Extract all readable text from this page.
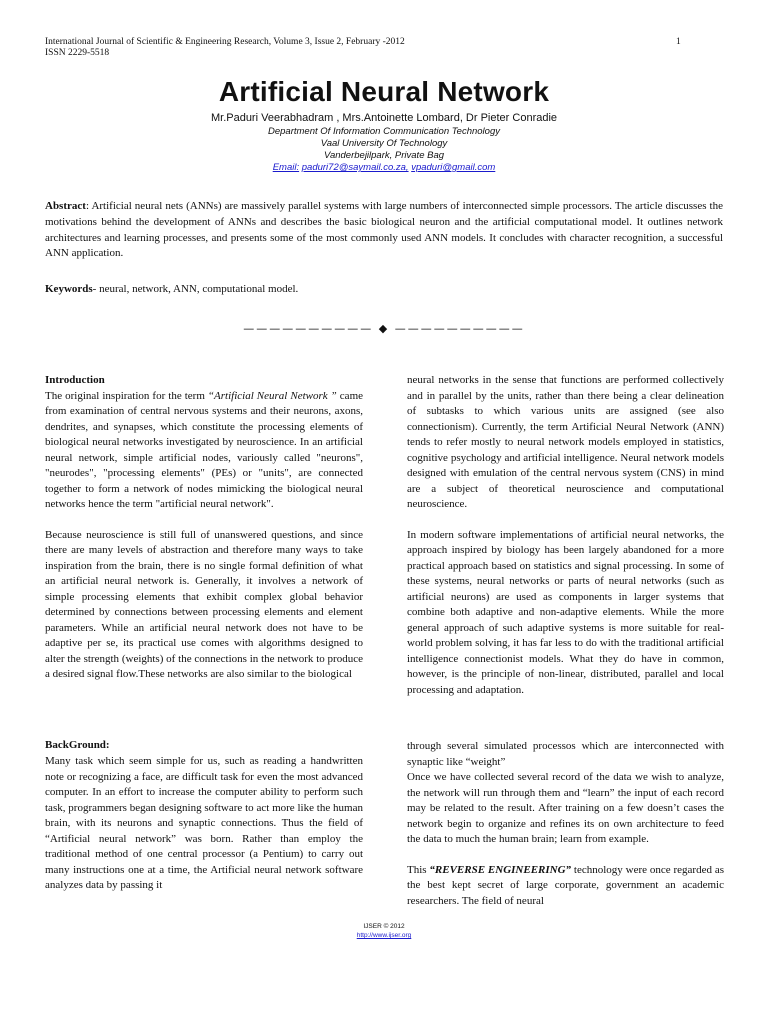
International Journal of Scientific & Engineering Research, Volume 3, Issue 2, February -2012
ISSN 2229-5518
1
Artificial Neural Network
Mr.Paduri Veerabhadram , Mrs.Antoinette Lombard, Dr Pieter Conradie
Department Of Information Communication Technology
Vaal University Of Technology
Vanderbejilpark, Private Bag
Email: paduri72@saymail.co.za, vpaduri@gmail.com
Abstract: Artificial neural nets (ANNs) are massively parallel systems with large numbers of interconnected simple processors. The article discusses the motivations behind the development of ANNs and describes the basic biological neuron and the artificial computational model. It outlines network architectures and learning processes, and presents some of the most commonly used ANN models. It concludes with character recognition, a successful ANN application.
Keywords- neural, network, ANN, computational model.
—————————— ◆ ——————————

Introduction

The original inspiration for the term “Artificial Neural Network ” came from examination of central nervous systems and their neurons, axons, dendrites, and synapses, which constitute the processing elements of biological neural networks investigated by neuroscience. In an artificial neural network, simple artificial nodes, variously called "neurons", "neurodes", "processing elements" (PEs) or "units", are connected together to form a network of nodes mimicking the biological neural networks hence the term "artificial neural network".

Because neuroscience is still full of unanswered questions, and since there are many levels of abstraction and therefore many ways to take inspiration from the brain, there is no single formal definition of what an artificial neural network is. Generally, it involves a network of simple processing elements that exhibit complex global behavior determined by connections between processing elements and element parameters. While an artificial neural network does not have to be adaptive per se, its practical use comes with algorithms designed to alter the strength (weights) of the connections in the network to produce a desired signal flow.These networks are also similar to the biological

neural networks in the sense that functions are performed collectively and in parallel by the units, rather than there being a clear delineation of subtasks to which various units are assigned (see also connectionism). Currently, the term Artificial Neural Network (ANN) tends to refer mostly to neural network models employed in statistics, cognitive psychology and artificial intelligence. Neural network models designed with emulation of the central nervous system (CNS) in mind are a subject of theoretical neuroscience and computational neuroscience.

In modern software implementations of artificial neural networks, the approach inspired by biology has been largely abandoned for a more practical approach based on statistics and signal processing. In some of these systems, neural networks or parts of neural networks (such as artificial neurons) are used as components in larger systems that combine both adaptive and non-adaptive elements. While the more general approach of such adaptive systems is more suitable for real-world problem solving, it has far less to do with the traditional artificial intelligence connectionist models. What they do have in common, however, is the principle of non-linear, distributed, parallel and local processing and adaptation.

BackGround:

Many task which seem simple for us, such as reading a handwritten note or recognizing a face, are difficult task for even the most advanced computer. In an effort to increase the computer ability to perform such task, programmers began designing software to act more like the human brain, with its neurons and synaptic connections. Thus the field of “Artificial neural network” was born. Rather than employ the traditional method of one central processor (a Pentium) to carry out many instructions one at a time, the Artificial neural network software analyzes data by passing it

through several simulated processos which are interconnected with synaptic like “weight”

Once we have collected several record of the data we wish to analyze, the network will run through them and “learn” the input of each record may be related to the result. After training on a few doesn’t cases the network begin to organize and refines its on own architecture to feed the data to much the human brain; learn from example.

This “REVERSE ENGINEERING” technology were once regarded as the best kept secret of large corporate, government an academic researchers. The field of neural

IJSER © 2012
http://www.ijser.org
